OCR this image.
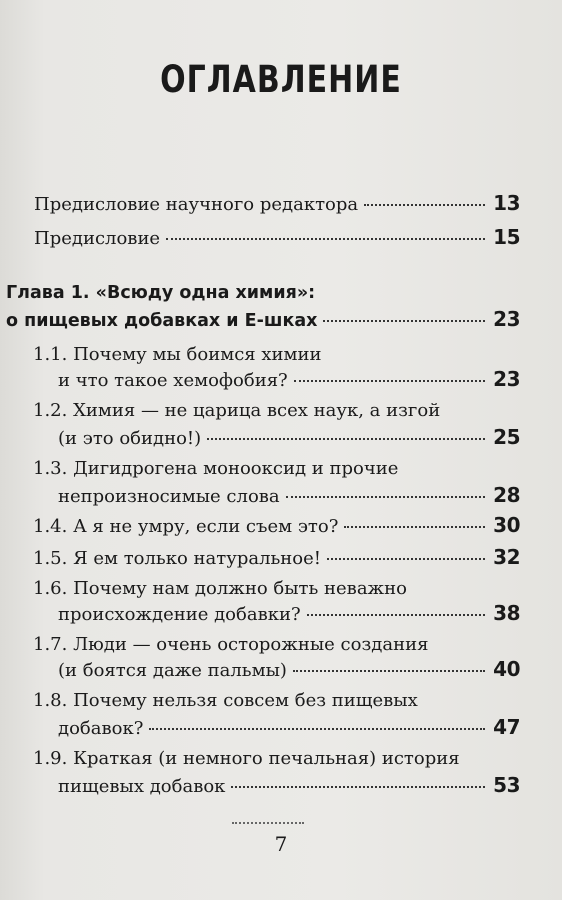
ОГЛАВЛЕНИЕ
Предисловие научного редактора	13
Предисловие	15
Глава 1. «Всюду одна химия»:
о пищевых добавках и Е-шках	23
1.1. Почему мы боимся химии
и что такое хемофобия?	23
1.2. Химия — не царица всех наук, а изгой
(и это обидно!)	25
1.3. Дигидрогена монооксид и прочие
непроизносимые слова	28
1.4. А я не умру, если съем это?	30
1.5. Я ем только натуральное!	32
1.6. Почему нам должно быть неважно
происхождение добавки?	38
1.7. Люди — очень осторожные создания
(и боятся даже пальмы)	40
1.8. Почему нельзя совсем без пищевых
добавок?	47
1.9. Краткая (и немного печальная) история
пищевых добавок	53
7
